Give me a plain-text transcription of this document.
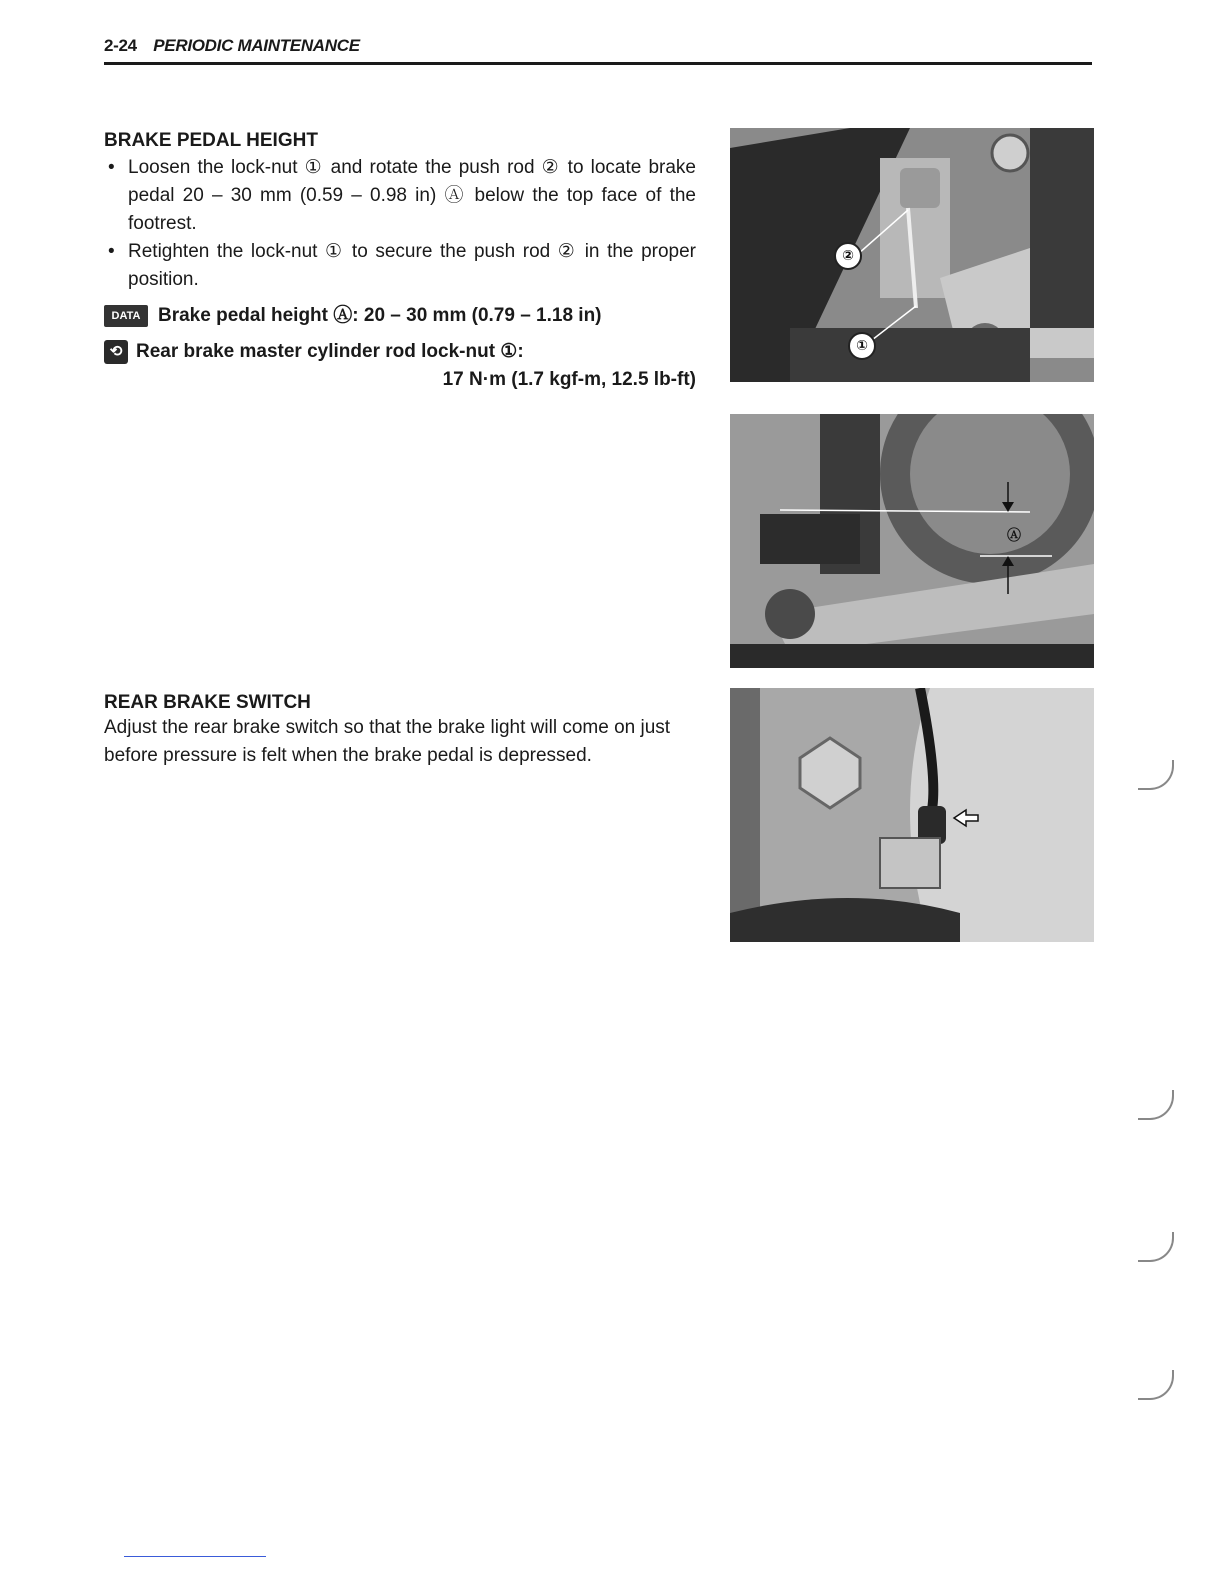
2-24 PERIODIC MAINTENANCE

BRAKE PEDAL HEIGHT

• Loosen the lock-nut ① and rotate the push rod ② to locate brake pedal 20 – 30 mm (0.59 – 0.98 in) Ⓐ below the top face of the footrest.
• Retighten the lock-nut ① to secure the push rod ② in the proper position.
DATA Brake pedal height Ⓐ: 20 – 30 mm (0.79 – 1.18 in)
⟲ Rear brake master cylinder rod lock-nut ①:
17 N·m (1.7 kgf-m, 12.5 lb-ft)

REAR BRAKE SWITCH

Adjust the rear brake switch so that the brake light will come on just before pressure is felt when the brake pedal is depressed.

②
①
Ⓐ
